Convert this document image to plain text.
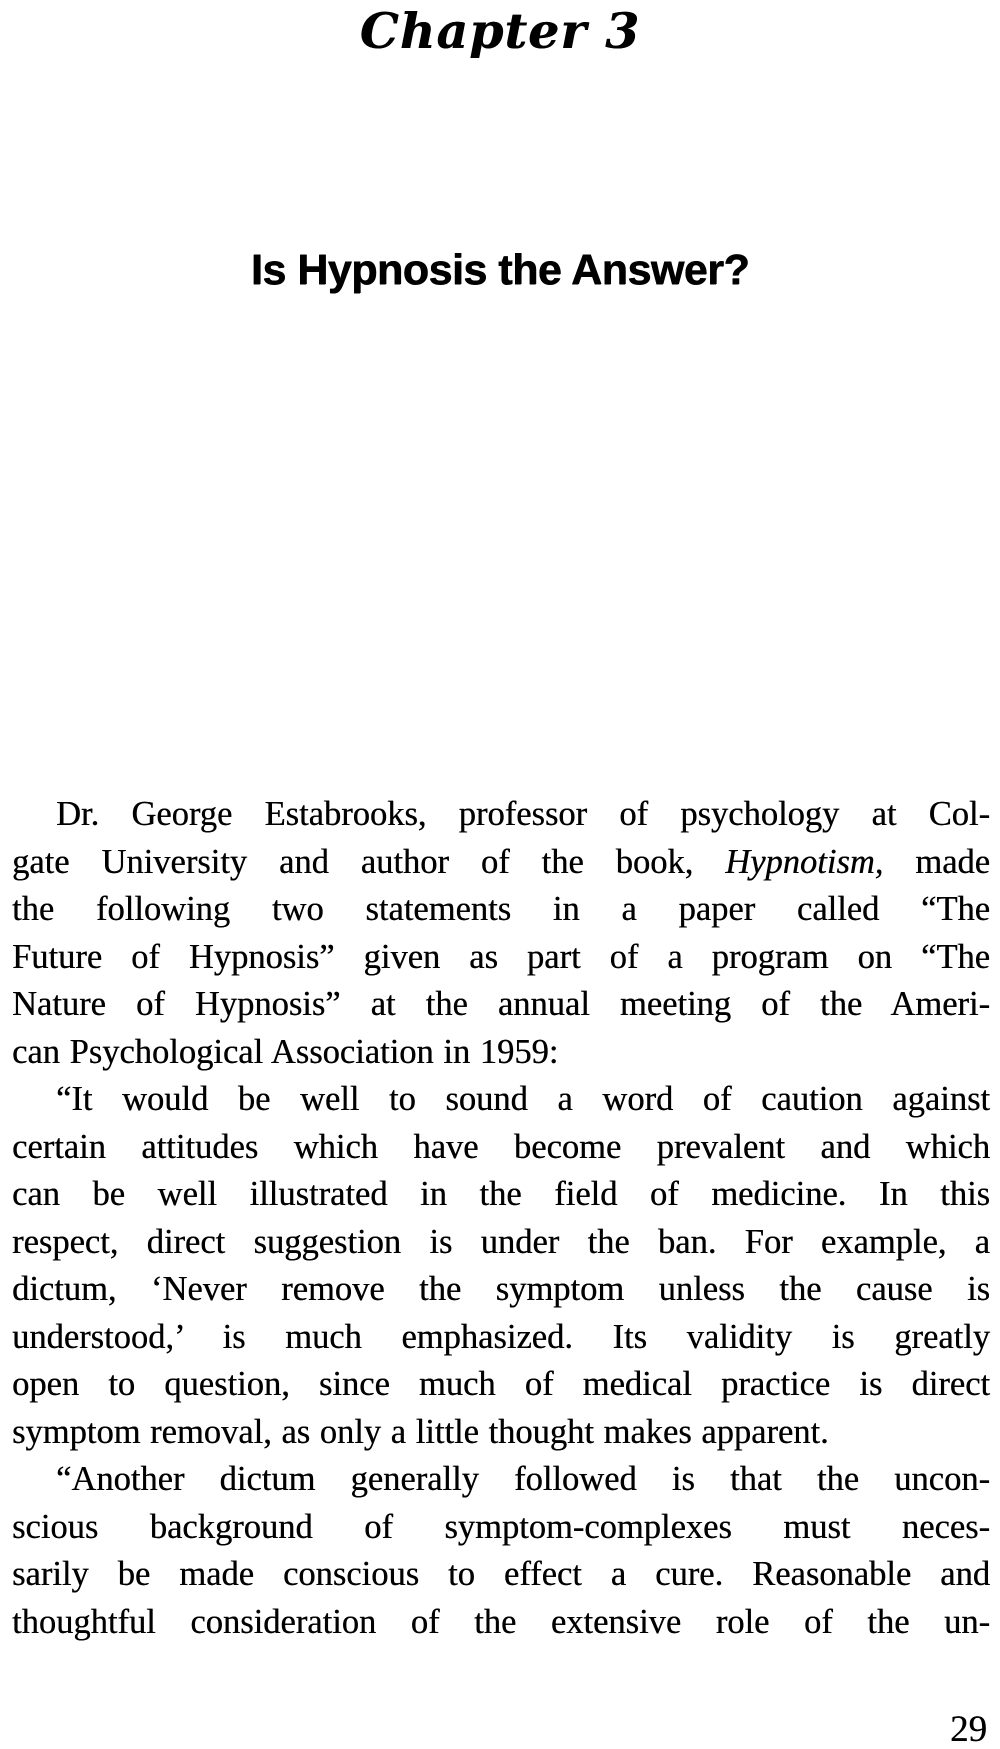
Chapter 3
Is Hypnosis the Answer?
Dr. George Estabrooks, professor of psychology at Col-
gate University and author of the book, Hypnotism, made
the following two statements in a paper called “The
Future of Hypnosis” given as part of a program on “The
Nature of Hypnosis” at the annual meeting of the Ameri-
can Psychological Association in 1959:
“It would be well to sound a word of caution against
certain attitudes which have become prevalent and which
can be well illustrated in the field of medicine. In this
respect, direct suggestion is under the ban. For example, a
dictum, ‘Never remove the symptom unless the cause is
understood,’ is much emphasized. Its validity is greatly
open to question, since much of medical practice is direct
symptom removal, as only a little thought makes apparent.
“Another dictum generally followed is that the uncon-
scious background of symptom-complexes must neces-
sarily be made conscious to effect a cure. Reasonable and
thoughtful consideration of the extensive role of the un-
29
